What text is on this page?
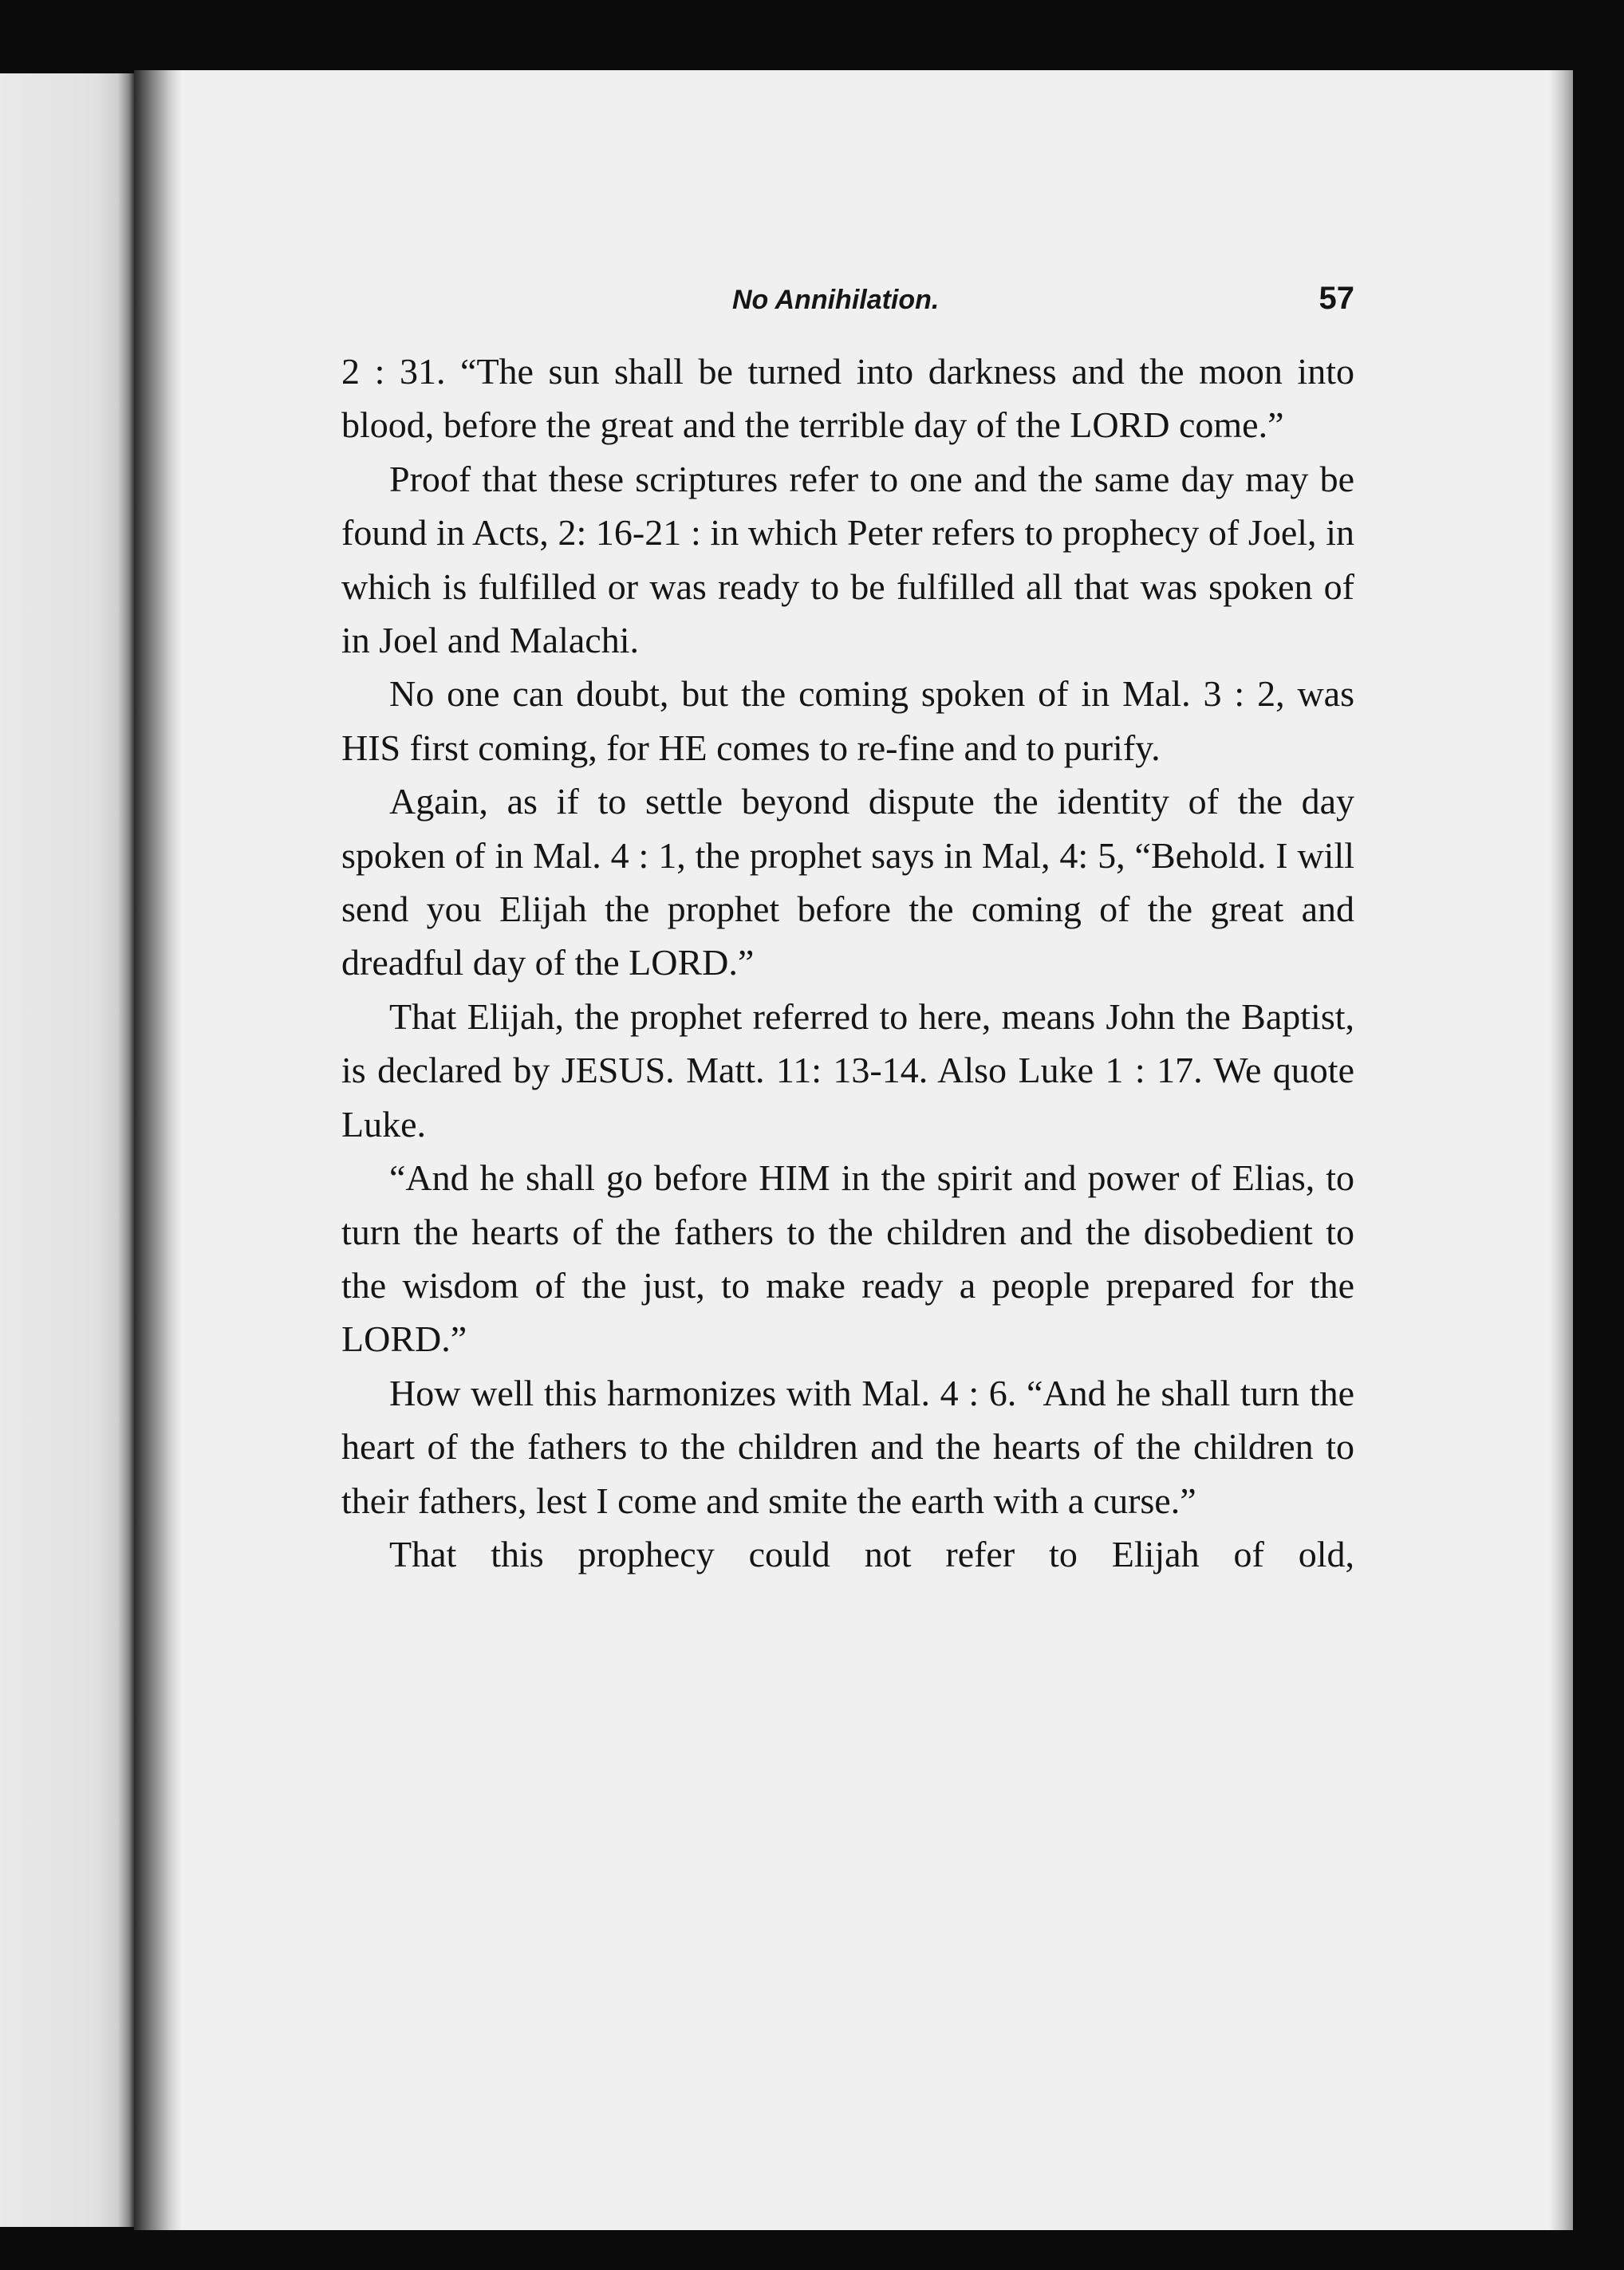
No Annihilation.	57

2 : 31. “The sun shall be turned into darkness and the moon into blood, before the great and the terrible day of the LORD come.”

Proof that these scriptures refer to one and the same day may be found in Acts, 2: 16-21 : in which Peter refers to prophecy of Joel, in which is fulfilled or was ready to be fulfilled all that was spoken of in Joel and Malachi.

No one can doubt, but the coming spoken of in Mal. 3 : 2, was HIS first coming, for HE comes to re-fine and to purify.

Again, as if to settle beyond dispute the identity of the day spoken of in Mal. 4 : 1, the prophet says in Mal, 4: 5, “Behold. I will send you Elijah the prophet before the coming of the great and dreadful day of the LORD.”

That Elijah, the prophet referred to here, means John the Baptist, is declared by JESUS. Matt. 11: 13-14. Also Luke 1 : 17. We quote Luke.

“And he shall go before HIM in the spirit and power of Elias, to turn the hearts of the fathers to the children and the disobedient to the wisdom of the just, to make ready a people prepared for the LORD.”

How well this harmonizes with Mal. 4 : 6. “And he shall turn the heart of the fathers to the children and the hearts of the children to their fathers, lest I come and smite the earth with a curse.”

That this prophecy could not refer to Elijah of old,
